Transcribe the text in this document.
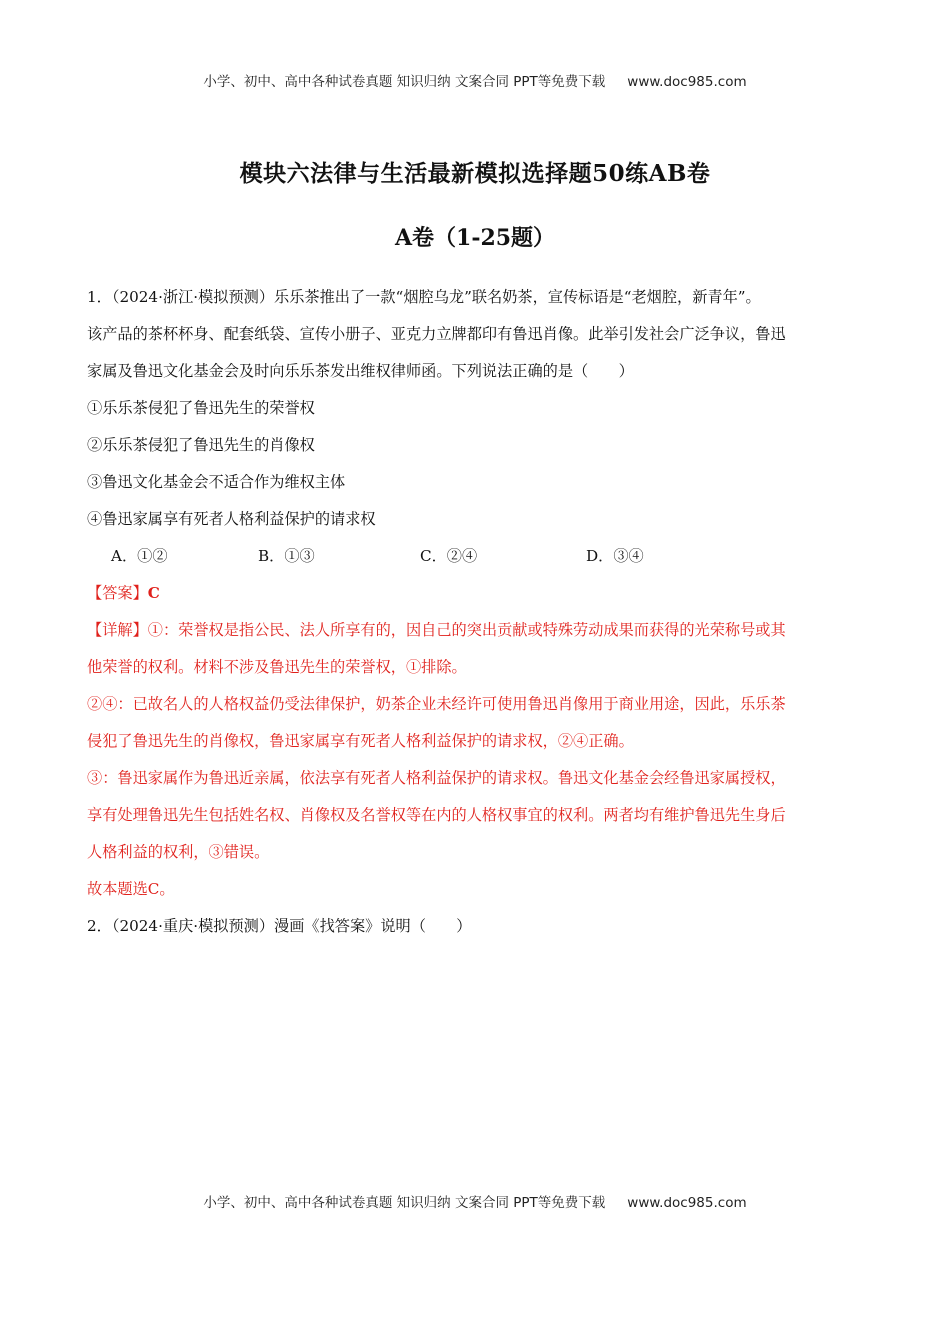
小学、初中、高中各种试卷真题 知识归纳 文案合同 PPT等免费下载 www.doc985.com
模块六法律与生活最新模拟选择题50练AB卷
A卷（1-25题）

1．（2024·浙江·模拟预测）乐乐茶推出了一款“烟腔乌龙”联名奶茶，宣传标语是“老烟腔，新青年”。

该产品的茶杯杯身、配套纸袋、宣传小册子、亚克力立牌都印有鲁迅肖像。此举引发社会广泛争议，鲁迅

家属及鲁迅文化基金会及时向乐乐茶发出维权律师函。下列说法正确的是（　　）

①乐乐茶侵犯了鲁迅先生的荣誉权

②乐乐茶侵犯了鲁迅先生的肖像权

③鲁迅文化基金会不适合作为维权主体

④鲁迅家属享有死者人格利益保护的请求权

A．①②	B．①③	C．②④	D．③④

【答案】C

【详解】①：荣誉权是指公民、法人所享有的，因自己的突出贡献或特殊劳动成果而获得的光荣称号或其

他荣誉的权利。材料不涉及鲁迅先生的荣誉权，①排除。

②④：已故名人的人格权益仍受法律保护，奶茶企业未经许可使用鲁迅肖像用于商业用途，因此，乐乐茶

侵犯了鲁迅先生的肖像权，鲁迅家属享有死者人格利益保护的请求权，②④正确。

③：鲁迅家属作为鲁迅近亲属，依法享有死者人格利益保护的请求权。鲁迅文化基金会经鲁迅家属授权，

享有处理鲁迅先生包括姓名权、肖像权及名誉权等在内的人格权事宜的权利。两者均有维护鲁迅先生身后

人格利益的权利，③错误。

故本题选C。

2．（2024·重庆·模拟预测）漫画《找答案》说明（　　）

小学、初中、高中各种试卷真题 知识归纳 文案合同 PPT等免费下载 www.doc985.com
